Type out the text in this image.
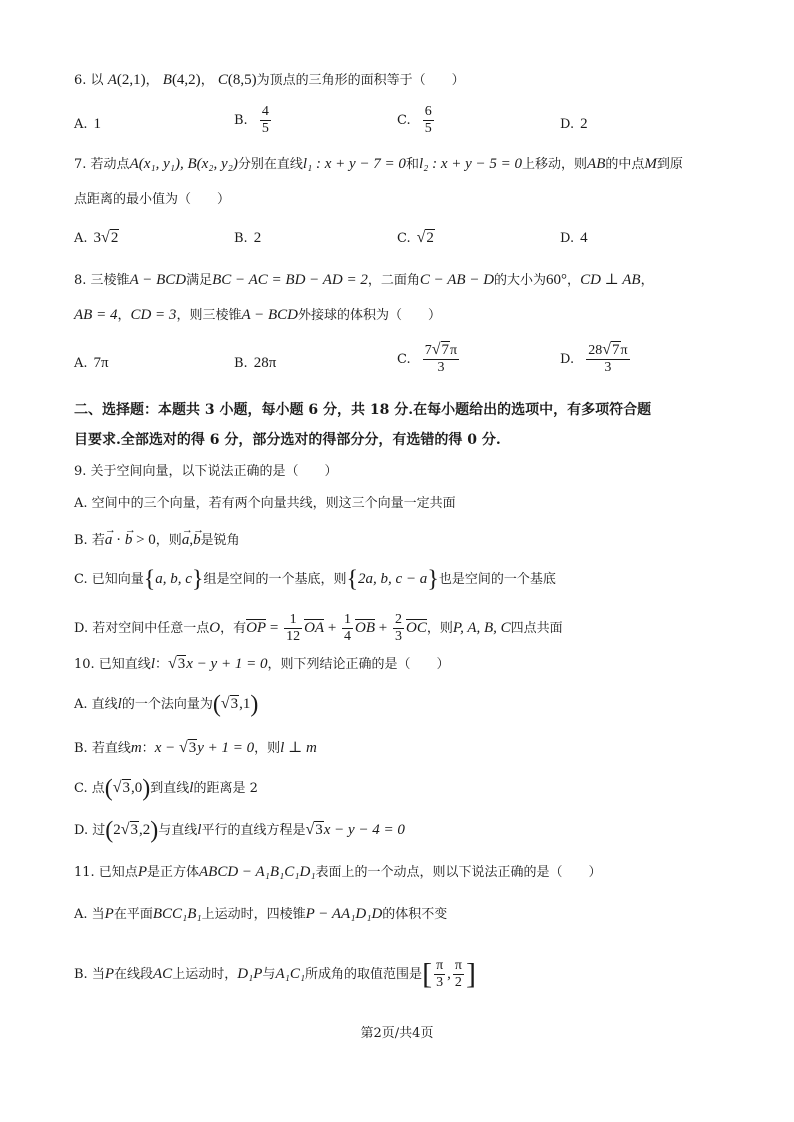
6. 以 A(2,1)， B(4,2)， C(8,5)为顶点的三角形的面积等于（　　）
A. 1	B. $\frac{4}{5}$	C. $\frac{6}{5}$	D. 2
7. 若动点A(x₁, y₁), B(x₂, y₂)分别在直线l₁ : x + y − 7 = 0和l₂ : x + y − 5 = 0上移动，则AB的中点M到原
点距离的最小值为（　　）
A. 3√2	B. 2	C. √2	D. 4
8. 三棱锥A − BCD满足BC − AC = BD − AD = 2，二面角C − AB − D的大小为60°，CD ⊥ AB，
AB = 4，CD = 3，则三棱锥A − BCD外接球的体积为（　　）
A. 7π	B. 28π	C. $\frac{7√7\pi}{3}$	D. $\frac{28√7\pi}{3}$
二、选择题：本题共 3 小题，每小题 6 分，共 18 分.在每小题给出的选项中，有多项符合题
目要求.全部选对的得 6 分，部分选对的得部分分，有选错的得 0 分.
9. 关于空间向量，以下说法正确的是（　　）
A. 空间中的三个向量，若有两个向量共线，则这三个向量一定共面
B. 若→ a · → b > 0，则→ a,→ b是锐角
C. 已知向量{a, b, c}组是空间的一个基底，则{2a, b, c − a}也是空间的一个基底
D. 若对空间中任意一点O，有OP = $\frac{1}{12}$ OA + $\frac{1}{4}$ OB + $\frac{2}{3}$ OC，则P, A, B, C四点共面
10. 已知直线l：√3x − y + 1 = 0，则下列结论正确的是（　　）
A. 直线l的一个法向量为(√3,1)
B. 若直线m：x − √3y + 1 = 0，则l ⊥ m
C. 点(√3,0)到直线l的距离是 2
D. 过(2√3,2)与直线l平行的直线方程是√3x − y − 4 = 0
11. 已知点P是正方体ABCD − A₁B₁C₁D₁表面上的一个动点，则以下说法正确的是（　　）
A. 当P在平面BCC₁B₁上运动时，四棱锥P − AA₁D₁D的体积不变
B. 当P在线段AC上运动时，D₁P与A₁C₁所成角的取值范围是[ $\frac{\pi}{3}$ , $\frac{\pi}{2}$ ]
第2页/共4页
